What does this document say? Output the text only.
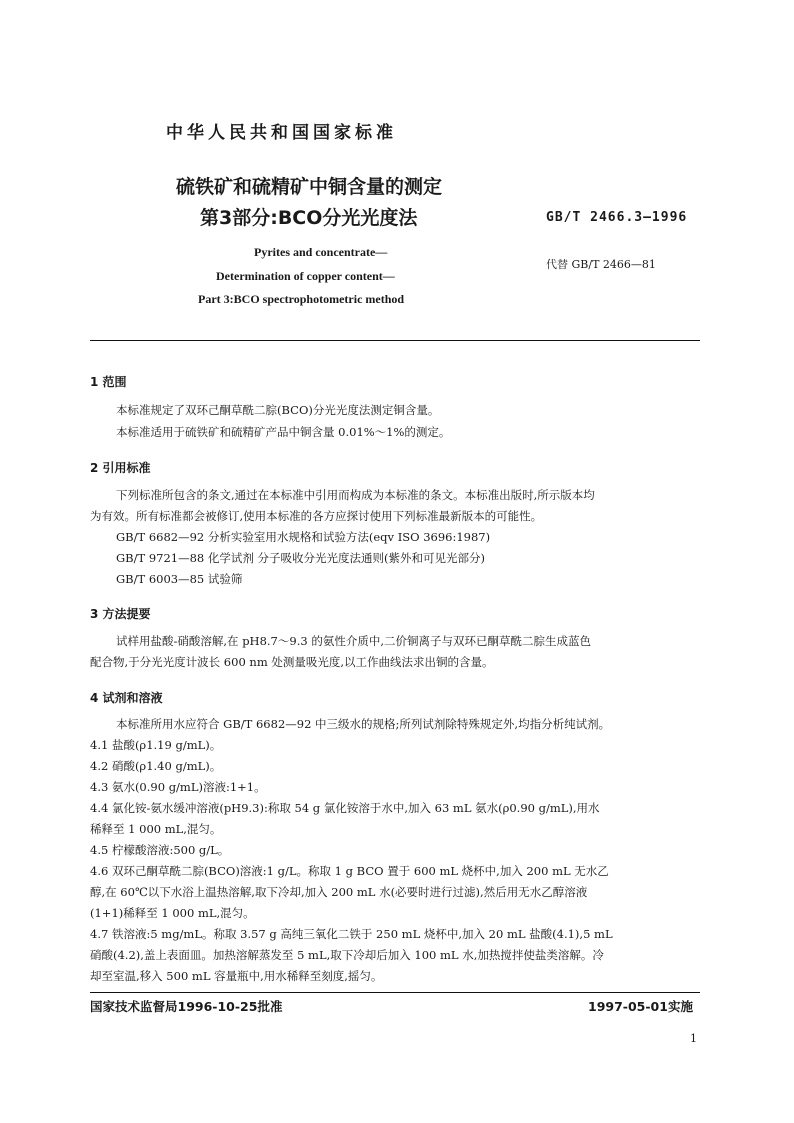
中华人民共和国国家标准
硫铁矿和硫精矿中铜含量的测定
第3部分:BCO分光光度法	GB/T 2466.3—1996
代替 GB/T 2466—81
Pyrites and concentrate—
Determination of copper content—
Part 3:BCO spectrophotometric method
1 范围
本标准规定了双环己酮草酰二腙(BCO)分光光度法测定铜含量。
本标准适用于硫铁矿和硫精矿产品中铜含量 0.01%～1%的测定。
2 引用标准
下列标准所包含的条文,通过在本标准中引用而构成为本标准的条文。本标准出版时,所示版本均
为有效。所有标准都会被修订,使用本标准的各方应探讨使用下列标准最新版本的可能性。
GB/T 6682—92 分析实验室用水规格和试验方法(eqv ISO 3696:1987)
GB/T 9721—88 化学试剂 分子吸收分光光度法通则(紫外和可见光部分)
GB/T 6003—85 试验筛
3 方法提要
试样用盐酸-硝酸溶解,在 pH8.7～9.3 的氨性介质中,二价铜离子与双环已酮草酰二腙生成蓝色
配合物,于分光光度计波长 600 nm 处测量吸光度,以工作曲线法求出铜的含量。
4 试剂和溶液
本标准所用水应符合 GB/T 6682—92 中三级水的规格;所列试剂除特殊规定外,均指分析纯试剂。
4.1 盐酸(ρ1.19 g/mL)。
4.2 硝酸(ρ1.40 g/mL)。
4.3 氨水(0.90 g/mL)溶液:1+1。
4.4 氯化铵-氨水缓冲溶液(pH9.3):称取 54 g 氯化铵溶于水中,加入 63 mL 氨水(ρ0.90 g/mL),用水
稀释至 1 000 mL,混匀。
4.5 柠檬酸溶液:500 g/L。
4.6 双环己酮草酰二腙(BCO)溶液:1 g/L。称取 1 g BCO 置于 600 mL 烧杯中,加入 200 mL 无水乙
醇,在 60℃以下水浴上温热溶解,取下冷却,加入 200 mL 水(必要时进行过滤),然后用无水乙醇溶液
(1+1)稀释至 1 000 mL,混匀。
4.7 铁溶液:5 mg/mL。称取 3.57 g 高纯三氧化二铁于 250 mL 烧杯中,加入 20 mL 盐酸(4.1),5 mL
硝酸(4.2),盖上表面皿。加热溶解蒸发至 5 mL,取下冷却后加入 100 mL 水,加热搅拌使盐类溶解。冷
却至室温,移入 500 mL 容量瓶中,用水稀释至刻度,摇匀。
国家技术监督局1996-10-25批准	1997-05-01实施
1
